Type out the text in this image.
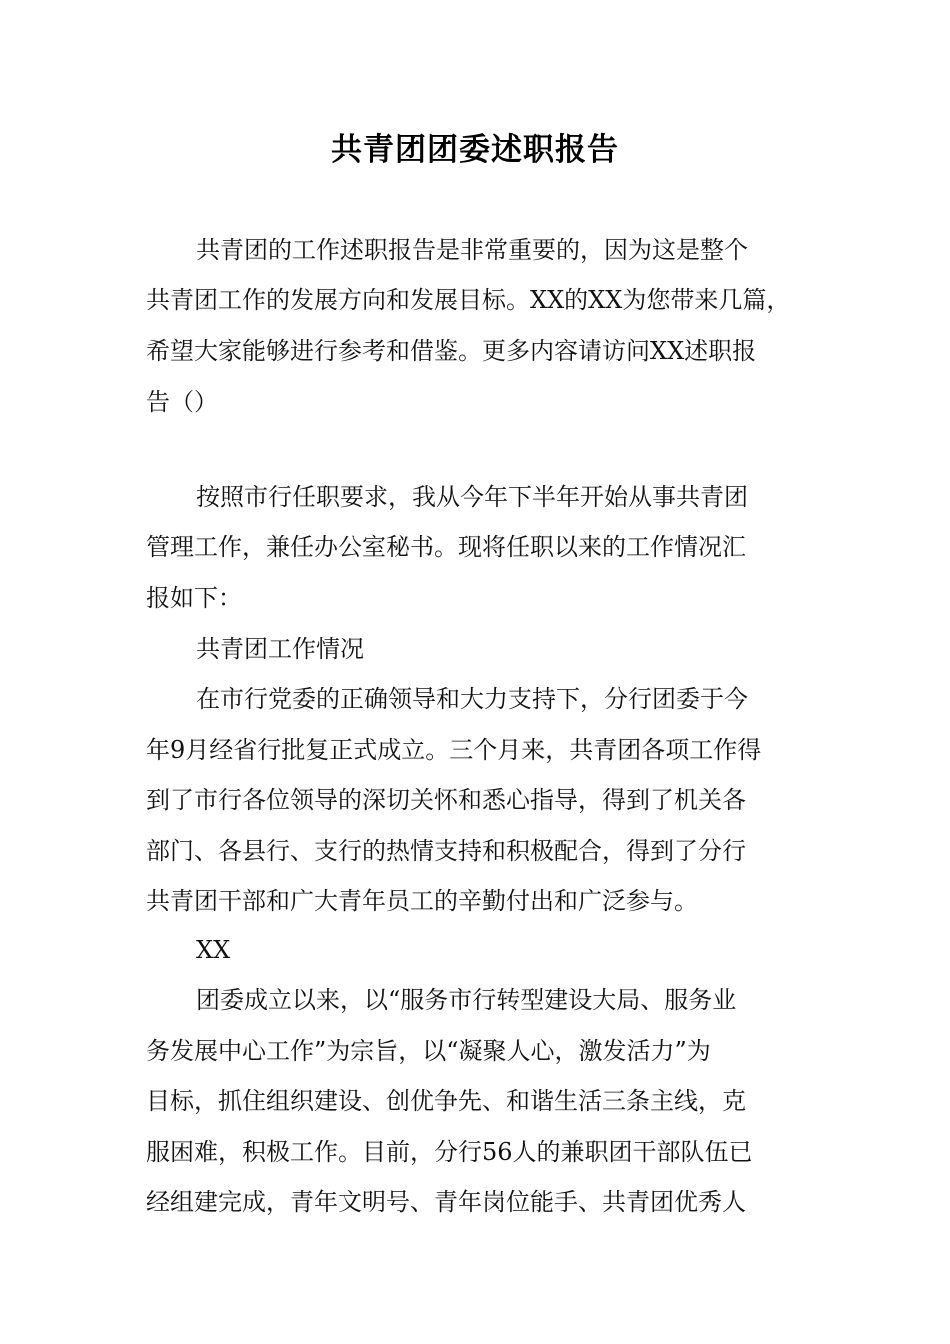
共青团团委述职报告
共青团的工作述职报告是非常重要的，因为这是整个
共青团工作的发展方向和发展目标。XX的XX为您带来几篇，
希望大家能够进行参考和借鉴。更多内容请访问XX述职报
告（）
按照市行任职要求，我从今年下半年开始从事共青团
管理工作，兼任办公室秘书。现将任职以来的工作情况汇
报如下：
共青团工作情况
在市行党委的正确领导和大力支持下，分行团委于今
年9月经省行批复正式成立。三个月来，共青团各项工作得
到了市行各位领导的深切关怀和悉心指导，得到了机关各
部门、各县行、支行的热情支持和积极配合，得到了分行
共青团干部和广大青年员工的辛勤付出和广泛参与。
XX
团委成立以来，以“服务市行转型建设大局、服务业
务发展中心工作”为宗旨，以“凝聚人心，激发活力”为
目标，抓住组织建设、创优争先、和谐生活三条主线，克
服困难，积极工作。目前，分行56人的兼职团干部队伍已
经组建完成，青年文明号、青年岗位能手、共青团优秀人
